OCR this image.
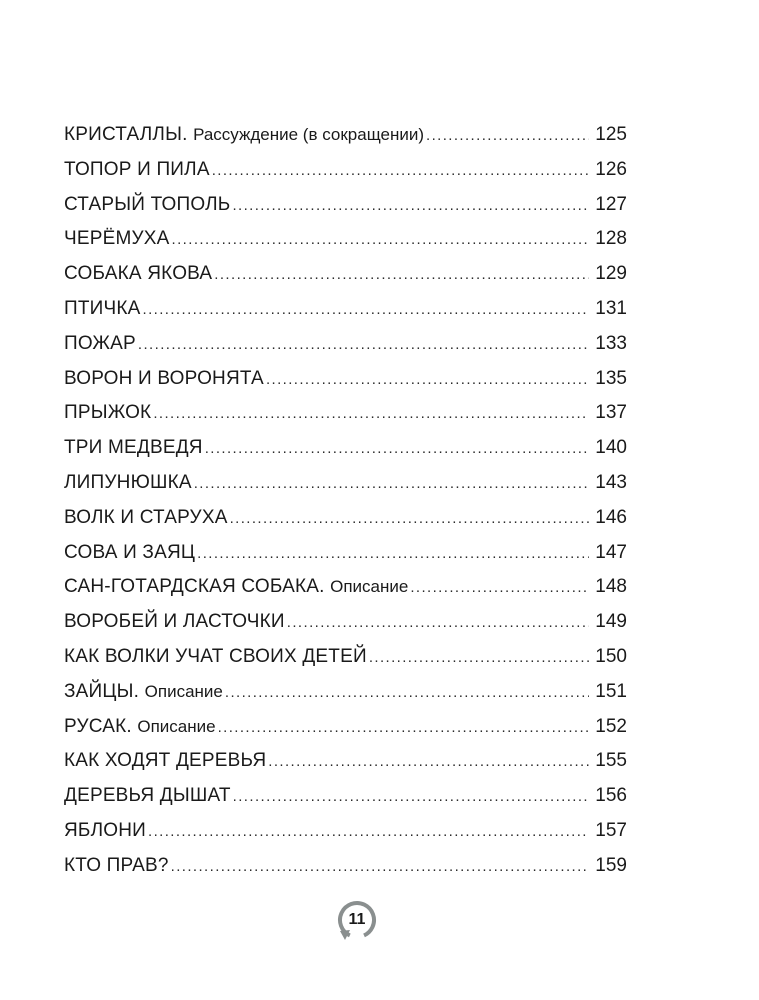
КРИСТАЛЛЫ. Рассуждение (в сокращении) .....	125
ТОПОР И ПИЛА .....	126
СТАРЫЙ ТОПОЛЬ .....	127
ЧЕРЁМУХА .....	128
СОБАКА ЯКОВА .....	129
ПТИЧКА .....	131
ПОЖАР .....	133
ВОРОН И ВОРОНЯТА .....	135
ПРЫЖОК .....	137
ТРИ МЕДВЕДЯ .....	140
ЛИПУНЮШКА .....	143
ВОЛК И СТАРУХА .....	146
СОВА И ЗАЯЦ .....	147
САН-ГОТАРДСКАЯ СОБАКА. Описание .....	148
ВОРОБЕЙ И ЛАСТОЧКИ .....	149
КАК ВОЛКИ УЧАТ СВОИХ ДЕТЕЙ .....	150
ЗАЙЦЫ. Описание .....	151
РУСАК. Описание .....	152
КАК ХОДЯТ ДЕРЕВЬЯ .....	155
ДЕРЕВЬЯ ДЫШАТ .....	156
ЯБЛОНИ .....	157
КТО ПРАВ? .....	159
11
